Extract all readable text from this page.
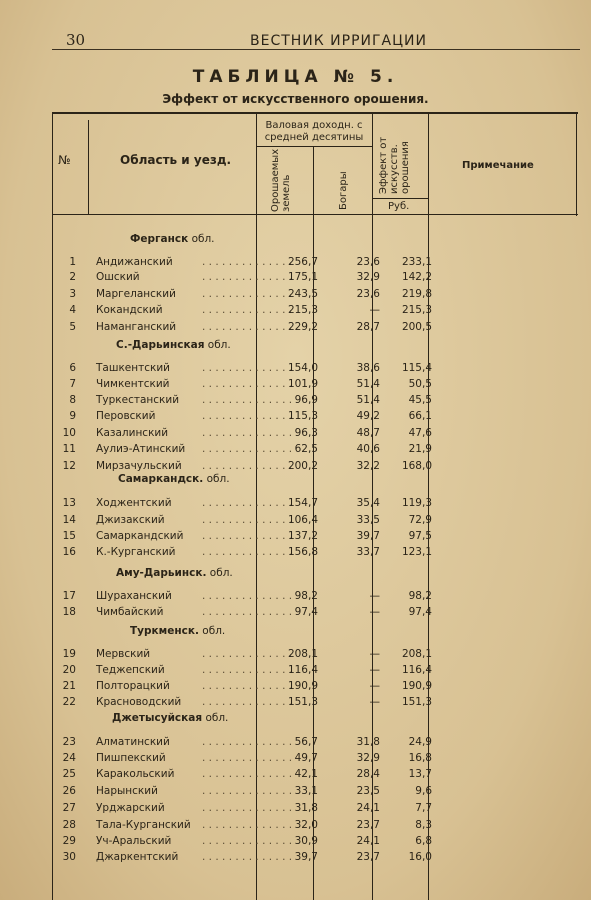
30	ВЕСТНИК ИРРИГАЦИИ
ТАБЛИЦА № 5.
Эффект от искусственного орошения.
№	Область и уезд.
Валовая доходн. с средней десятины
Орошаемых земель	Богары	Эффект от искусств. орошения
Руб.
Примечание
Ферганск обл.
. . . . . . . . . . . . . .
1 Андижанский	256,7	23,6	233,1
. . . . . . . . . . . . . .
2 Ошский	175,1	32,9	142,2
. . . . . . . . . . . . . .
3 Маргеланский	243,5	23,6	219,8
. . . . . . . . . . . . . .
4 Кокандский	215,3	—	215,3
. . . . . . . . . . . . . .
5 Наманганский	229,2	28,7	200,5
С.-Дарьинская обл.
. . . . . . . . . . . . . .
6 Ташкентский	154,0	38,6	115,4
. . . . . . . . . . . . . .
7 Чимкентский	101,9	51,4	50,5
. . . . . . . . . . . . . .
8 Туркестанский	96,9	51,4	45,5
. . . . . . . . . . . . . .
9 Перовский	115,3	49,2	66,1
. . . . . . . . . . . . . .
10 Казалинский	96,3	48,7	47,6
. . . . . . . . . . . . . .
11 Аулиэ-Атинский	62,5	40,6	21,9
. . . . . . . . . . . . . .
12 Мирзачульский	200,2	32,2	168,0
Самаркандск. обл.
. . . . . . . . . . . . . .
13 Ходжентский	154,7	35,4	119,3
. . . . . . . . . . . . . .
14 Джизакский	106,4	33,5	72,9
. . . . . . . . . . . . . .
15 Самаркандский	137,2	39,7	97,5
. . . . . . . . . . . . . .
16 К.-Курганский	156,8	33,7	123,1
Аму-Дарьинск. обл.
. . . . . . . . . . . . . .
17 Шураханский	98,2	—	98,2
. . . . . . . . . . . . . .
18 Чимбайский	97,4	—	97,4
Туркменск. обл.
. . . . . . . . . . . . . .
19 Мервский	208,1	—	208,1
. . . . . . . . . . . . . .
20 Теджепский	116,4	—	116,4
. . . . . . . . . . . . . .
21 Полторацкий	190,9	—	190,9
. . . . . . . . . . . . . .
22 Красноводский	151,3	—	151,3
Джетысуйская обл.
. . . . . . . . . . . . . .
23 Алматинский	56,7	31,8	24,9
. . . . . . . . . . . . . .
24 Пишпекский	49,7	32,9	16,8
. . . . . . . . . . . . . .
25 Каракольский	42,1	28,4	13,7
. . . . . . . . . . . . . .
26 Нарынский	33,1	23,5	9,6
. . . . . . . . . . . . . .
27 Урджарский	31,8	24,1	7,7
. . . . . . . . . . . . . .
28 Тала-Курганский	32,0	23,7	8,3
. . . . . . . . . . . . . .
29 Уч-Аральский	30,9	24,1	6,8
. . . . . . . . . . . . . .
30 Джаркентский	39,7	23,7	16,0
